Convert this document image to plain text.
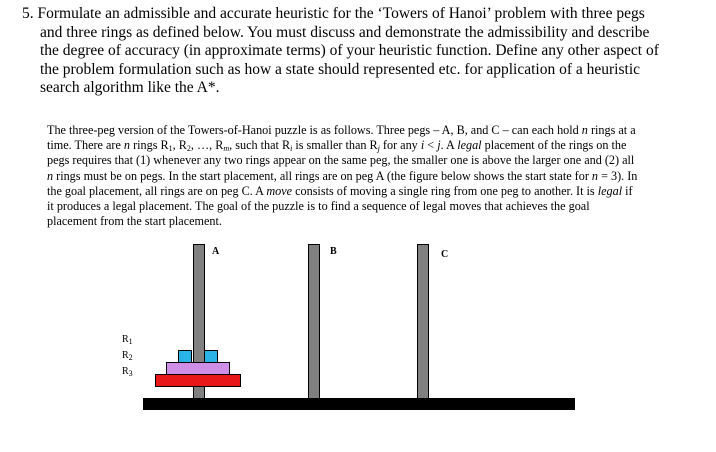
5. Formulate an admissible and accurate heuristic for the ‘Towers of Hanoi’ problem with three pegs
and three rings as defined below. You must discuss and demonstrate the admissibility and describe
the degree of accuracy (in approximate terms) of your heuristic function. Define any other aspect of
the problem formulation such as how a state should represented etc. for application of a heuristic
search algorithm like the A*.
The three-peg version of the Towers-of-Hanoi puzzle is as follows. Three pegs – A, B, and C – can each hold n rings at a
time. There are n rings $R_1$, $R_2$, …, $R_m$, such that $R_i$ is smaller than $R_j$ for any i < j. A legal placement of the rings on the
pegs requires that (1) whenever any two rings appear on the same peg, the smaller one is above the larger one and (2) all
n rings must be on pegs. In the start placement, all rings are on peg A (the figure below shows the start state for n = 3). In
the goal placement, all rings are on peg C. A move consists of moving a single ring from one peg to another. It is legal if
it produces a legal placement. The goal of the puzzle is to find a sequence of legal moves that achieves the goal
placement from the start placement.
A	B	C
$R_1$
$R_2$
$R_3$
